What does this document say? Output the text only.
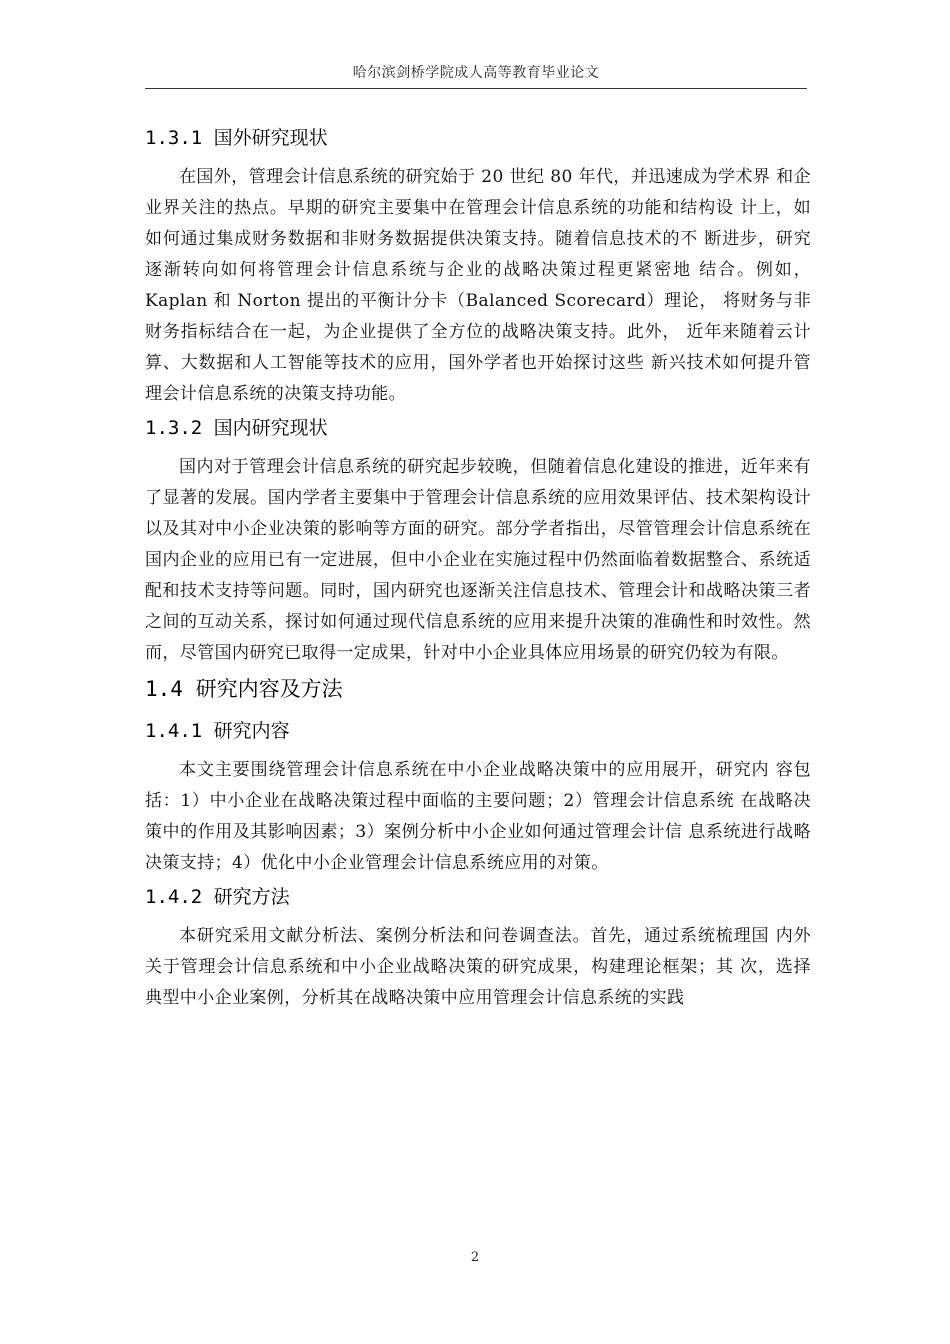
哈尔滨剑桥学院成人高等教育毕业论文
1.3.1 国外研究现状

在国外，管理会计信息系统的研究始于 20 世纪 80 年代，并迅速成为学术界 和企业界关注的热点。早期的研究主要集中在管理会计信息系统的功能和结构设 计上，如如何通过集成财务数据和非财务数据提供决策支持。随着信息技术的不 断进步，研究逐渐转向如何将管理会计信息系统与企业的战略决策过程更紧密地 结合。例如，Kaplan 和 Norton 提出的平衡计分卡（Balanced Scorecard）理论， 将财务与非财务指标结合在一起，为企业提供了全方位的战略决策支持。此外， 近年来随着云计算、大数据和人工智能等技术的应用，国外学者也开始探讨这些 新兴技术如何提升管理会计信息系统的决策支持功能。

1.3.2 国内研究现状

国内对于管理会计信息系统的研究起步较晚，但随着信息化建设的推进，近年来有了显著的发展。国内学者主要集中于管理会计信息系统的应用效果评估、技术架构设计以及其对中小企业决策的影响等方面的研究。部分学者指出，尽管管理会计信息系统在国内企业的应用已有一定进展，但中小企业在实施过程中仍然面临着数据整合、系统适配和技术支持等问题。同时，国内研究也逐渐关注信息技术、管理会计和战略决策三者之间的互动关系，探讨如何通过现代信息系统的应用来提升决策的准确性和时效性。然而，尽管国内研究已取得一定成果，针对中小企业具体应用场景的研究仍较为有限。

1.4 研究内容及方法
1.4.1 研究内容

本文主要围绕管理会计信息系统在中小企业战略决策中的应用展开，研究内 容包括：1）中小企业在战略决策过程中面临的主要问题；2）管理会计信息系统 在战略决策中的作用及其影响因素；3）案例分析中小企业如何通过管理会计信 息系统进行战略决策支持；4）优化中小企业管理会计信息系统应用的对策。

1.4.2 研究方法

本研究采用文献分析法、案例分析法和问卷调查法。首先，通过系统梳理国 内外关于管理会计信息系统和中小企业战略决策的研究成果，构建理论框架；其 次，选择典型中小企业案例，分析其在战略决策中应用管理会计信息系统的实践

2
